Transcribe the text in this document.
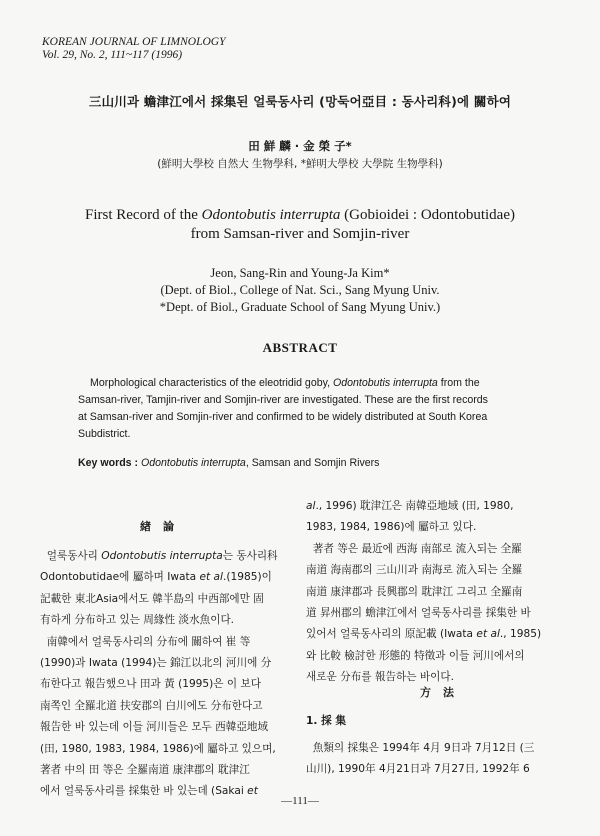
KOREAN JOURNAL OF LIMNOLOGY
Vol. 29, No. 2, 111~117 (1996)
三山川과 蟾津江에서 採集된 얼룩동사리 (망둑어亞目 : 동사리科)에 關하여
田 鮮 麟 · 金 榮 子*
(鮮明大學校 自然大 生物學科, *鮮明大學校 大學院 生物學科)
First Record of the Odontobutis interrupta (Gobioidei : Odontobutidae)
from Samsan-river and Somjin-river
Jeon, Sang-Rin and Young-Ja Kim*
(Dept. of Biol., College of Nat. Sci., Sang Myung Univ.
*Dept. of Biol., Graduate School of Sang Myung Univ.)
ABSTRACT
Morphological characteristics of the eleotridid goby, Odontobutis interrupta from the
Samsan-river, Tamjin-river and Somjin-river are investigated. These are the first records
at Samsan-river and Somjin-river and confirmed to be widely distributed at South Korea
Subdistrict.
Key words : Odontobutis interrupta, Samsan and Somjin Rivers
緖論
얼룩동사리 Odontobutis interrupta는 동사리科
Odontobutidae에 屬하며 Iwata et al.(1985)이
記載한 東北Asia에서도 韓半島의 中西部에만 固
有하게 分布하고 있는 周緣性 淡水魚이다.
南韓에서 얼룩동사리의 分布에 關하여 崔 等
(1990)과 Iwata (1994)는 錦江以北의 河川에 分
布한다고 報告했으나 田과 黃 (1995)은 이 보다
南쪽인 全羅北道 扶安郡의 白川에도 分布한다고
報告한 바 있는데 이들 河川들은 모두 西韓亞地域
(田, 1980, 1983, 1984, 1986)에 屬하고 있으며,
著者 中의 田 等은 全羅南道 康津郡의 耽津江
에서 얼룩동사리를 採集한 바 있는데 (Sakai et
al., 1996) 耽津江은 南韓亞地域 (田, 1980,
1983, 1984, 1986)에 屬하고 있다.
著者 等은 最近에 西海 南部로 流入되는 全羅
南道 海南郡의 三山川과 南海로 流入되는 全羅
南道 康津郡과 長興郡의 耽津江 그리고 全羅南
道 昇州郡의 蟾津江에서 얼룩동사리를 採集한 바
있어서 얼룩동사리의 原記載 (Iwata et al., 1985)
와 比較 檢討한 形態的 特徵과 이들 河川에서의
새로운 分布를 報告하는 바이다.
方法
1. 採 集
魚類의 採集은 1994年 4月 9日과 7月12日 (三
山川), 1990年 4月21日과 7月27日, 1992年 6
—111—
